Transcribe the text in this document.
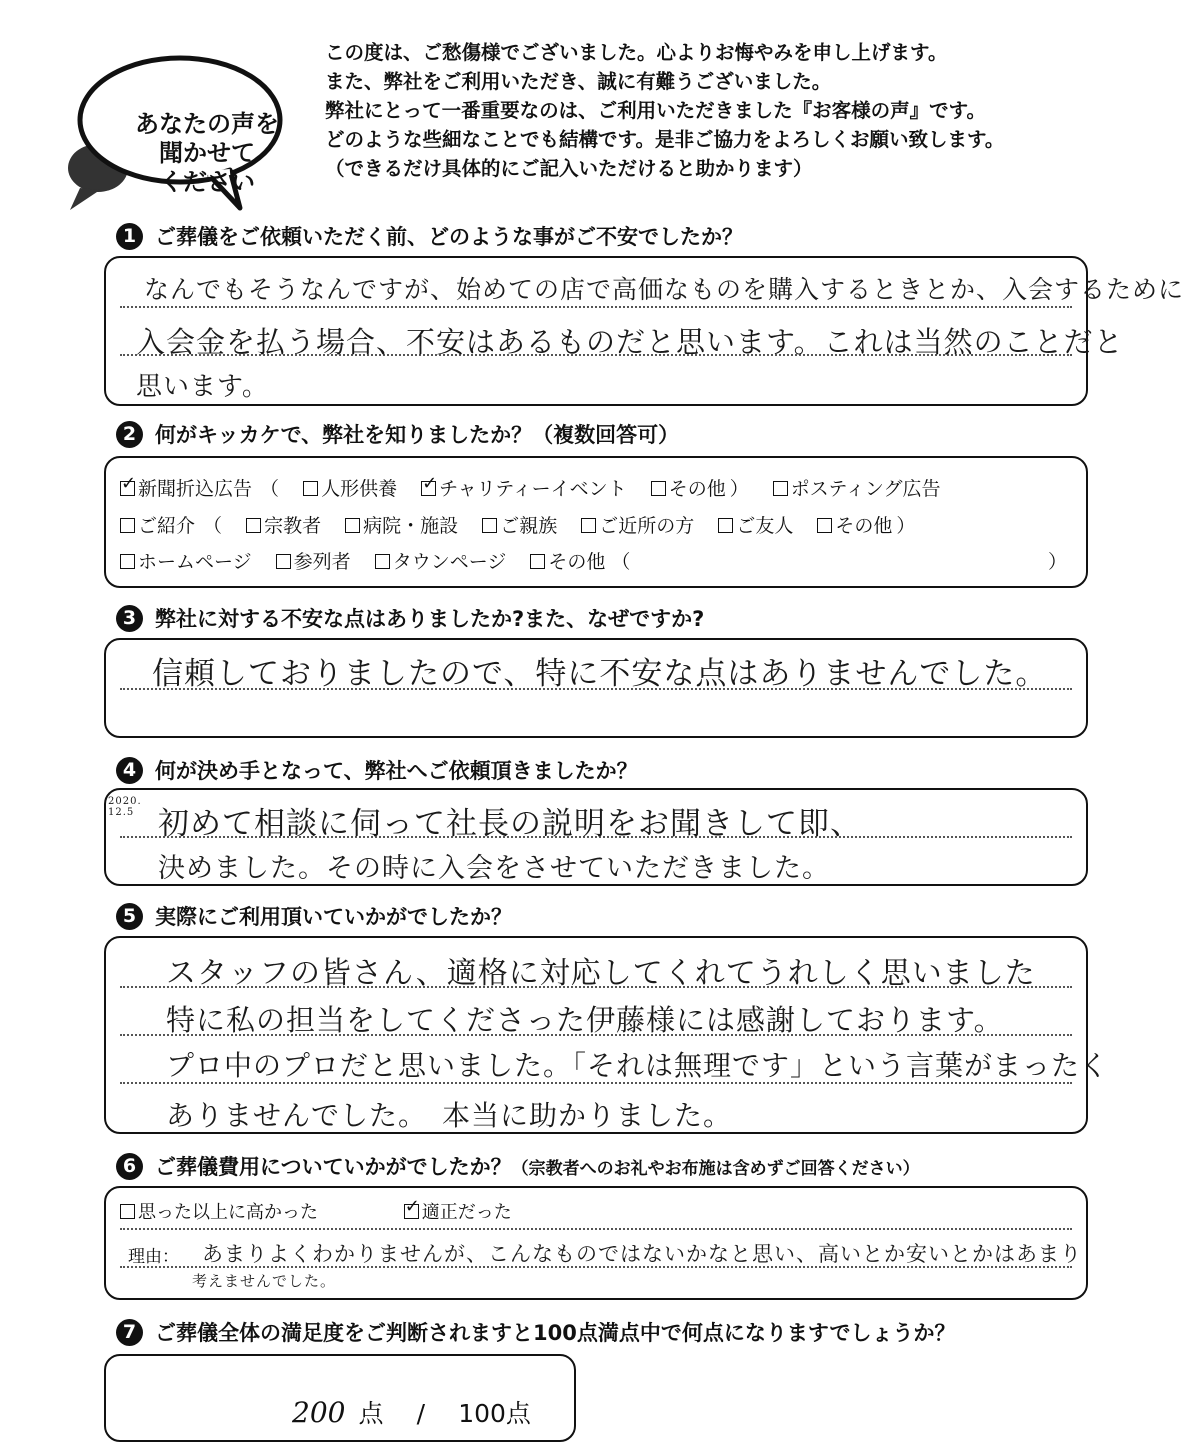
あなたの声を
聞かせて
ください
この度は、ご愁傷様でございました。心よりお悔やみを申し上げます。
また、弊社をご利用いただき、誠に有難うございました。
弊社にとって一番重要なのは、ご利用いただきました『お客様の声』です。
どのような些細なことでも結構です。是非ご協力をよろしくお願い致します。
（できるだけ具体的にご記入いただけると助かります）
1 ご葬儀をご依頼いただく前、どのような事がご不安でしたか？
なんでもそうなんですが、始めての店で高価なものを購入するときとか、入会するために
入会金を払う場合、不安はあるものだと思います。これは当然のことだと
思います。
2 何がキッカケで、弊社を知りましたか？（複数回答可）
✓新聞折込広告 （ 人形供養 ✓ チャリティーイベント その他 ） ポスティング広告
ご紹介 （ 宗教者 病院・施設 ご親族 ご近所の方 ご友人 その他 ）
ホームページ 参列者 タウンページ その他 （	）
3 弊社に対する不安な点はありましたか?また、なぜですか?
信頼しておりましたので、特に不安な点はありませんでした。
4 何が決め手となって、弊社へご依頼頂きましたか？
2020.
12.5 初めて相談に伺って社長の説明をお聞きして即、
決めました。その時に入会をさせていただきました。
5 実際にご利用頂いていかがでしたか？
スタッフの皆さん、適格に対応してくれてうれしく思いました
特に私の担当をしてくださった伊藤様には感謝しております。
プロ中のプロだと思いました。「それは無理です」という言葉がまったく
ありませんでした。　本当に助かりました。
6 ご葬儀費用についていかがでしたか？（宗教者へのお礼やお布施は含めずご回答ください）
思った以上に高かった ✓	適正だった
理由： あまりよくわかりませんが、こんなものではないかなと思い、高いとか安いとかはあまり
考えませんでした。
7 ご葬儀全体の満足度をご判断されますと100点満点中で何点になりますでしょうか？
200 点 / 100点
